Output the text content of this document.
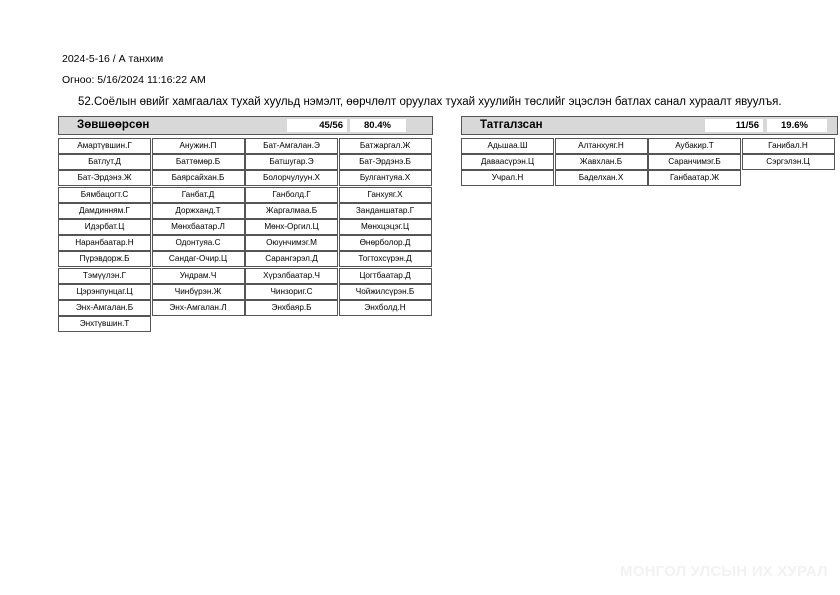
2024-5-16 / А танхим
Огноо: 5/16/2024 11:16:22 AM
52.Соёлын өвийг хамгаалах тухай хуульд нэмэлт, өөрчлөлт оруулах тухай хуулийн төслийг эцэслэн батлах санал хураалт явуулъя.
Зөвшөөрсөн	45/56	80.4%
Амартүвшин.Г	Анужин.П	Бат-Амгалан.Э	Батжаргал.Ж
Батлут.Д	Баттөмөр.Б	Батшугар.Э	Бат-Эрдэнэ.Б
Бат-Эрдэнэ.Ж	Баярсайхан.Б	Болорчулуун.Х	Булгантуяа.Х
Бямбацогт.С	Ганбат.Д	Ганболд.Г	Ганхуяг.Х
Дамдинням.Г	Доржханд.Т	Жаргалмаа.Б	Занданшатар.Г
Идэрбат.Ц	Мөнхбаатар.Л	Мөнх-Оргил.Ц	Мөнхцэцэг.Ц
Наранбаатар.Н	Одонтуяа.С	Оюунчимэг.М	Өнөрболор.Д
Пүрэвдорж.Б	Сандаг-Очир.Ц	Сарангэрэл.Д	Тогтохсүрэн.Д
Тэмүүлэн.Г	Ундрам.Ч	Хүрэлбаатар.Ч	Цогтбаатар.Д
Цэрэнпунцаг.Ц	Чинбүрэн.Ж	Чинзориг.С	Чойжилсүрэн.Б
Энх-Амгалан.Б	Энх-Амгалан.Л	Энхбаяр.Б	Энхболд.Н
Энхтүвшин.Т
Татгалзсан	11/56	19.6%
Адьшаа.Ш	Алтанхуяг.Н	Аубакир.Т	Ганибал.Н
Даваасүрэн.Ц	Жавхлан.Б	Саранчимэг.Б	Сэргэлэн.Ц
Учрал.Н	Баделхан.Х	Ганбаатар.Ж
МОНГОЛ УЛСЫН ИХ ХУРАЛ
